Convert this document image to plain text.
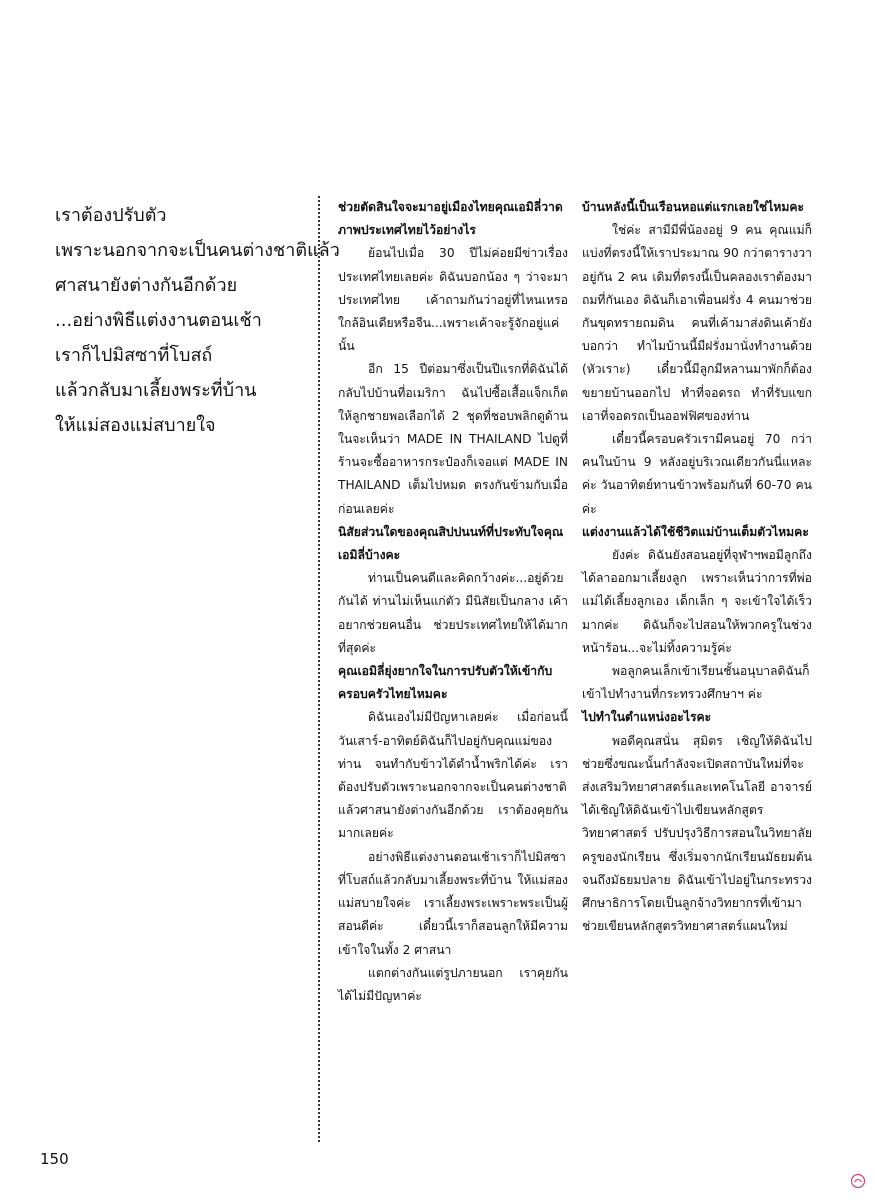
เราต้องปรับตัว
เพราะนอกจากจะเป็นคนต่างชาติแล้ว
ศาสนายังต่างกันอีกด้วย
...อย่างพิธีแต่งงานตอนเช้า
เราก็ไปมิสซาที่โบสถ์
แล้วกลับมาเลี้ยงพระที่บ้าน
ให้แม่สองแม่สบายใจ

ช่วยตัดสินใจจะมาอยู่เมืองไทยคุณเอมิลี่วาดภาพประเทศไทยไว้อย่างไร

ย้อนไปเมื่อ 30 ปีไม่ค่อยมีข่าวเรื่องประเทศไทยเลยค่ะ ดิฉันบอกน้อง ๆ ว่าจะมาประเทศไทย เค้าถามกันว่าอยู่ที่ไหนเหรอ ใกล้อินเดียหรือจีน...เพราะเค้าจะรู้จักอยู่แค่นั้น

อีก 15 ปีต่อมาซึ่งเป็นปีแรกที่ดิฉันได้กลับไปบ้านที่อเมริกา ฉันไปซื้อเสื้อแจ็กเก็ตให้ลูกชายพอเลือกได้ 2 ชุดที่ชอบพลิกดูด้านในจะเห็นว่า MADE IN THAILAND ไปดูที่ร้านจะซื้ออาหารกระป๋องก็เจอแต่ MADE IN THAILAND เต็มไปหมด ตรงกันข้ามกับเมื่อก่อนเลยค่ะ

นิสัยส่วนใดของคุณสิปปนนท์ที่ประทับใจคุณเอมิลี่บ้างคะ

ท่านเป็นคนดีและคิดกว้างค่ะ...อยู่ด้วยกันได้ ท่านไม่เห็นแก่ตัว มีนิสัยเป็นกลาง เค้าอยากช่วยคนอื่น ช่วยประเทศไทยให้ได้มากที่สุดค่ะ

คุณเอมิลี่ยุ่งยากใจในการปรับตัวให้เข้ากับครอบครัวไทยไหมคะ

ดิฉันเองไม่มีปัญหาเลยค่ะ เมื่อก่อนนี้วันเสาร์-อาทิตย์ดิฉันก็ไปอยู่กับคุณแม่ของท่าน จนทำกับข้าวได้ตำน้ำพริกได้ค่ะ เราต้องปรับตัวเพราะนอกจากจะเป็นคนต่างชาติแล้วศาสนายังต่างกันอีกด้วย เราต้องคุยกันมากเลยค่ะ

อย่างพิธีแต่งงานตอนเช้าเราก็ไปมิสซาที่โบสถ์แล้วกลับมาเลี้ยงพระที่บ้าน ให้แม่สองแม่สบายใจค่ะ เราเลี้ยงพระเพราะพระเป็นผู้สอนดีค่ะ เดี๋ยวนี้เราก็สอนลูกให้มีความเข้าใจในทั้ง 2 ศาสนา

แตกต่างกันแต่รูปภายนอก เราคุยกันได้ไม่มีปัญหาค่ะ

บ้านหลังนี้เป็นเรือนหอแต่แรกเลยใช่ไหมคะ

ใช่ค่ะ สามีมีพี่น้องอยู่ 9 คน คุณแม่ก็แบ่งที่ตรงนี้ให้เราประมาณ 90 กว่าตารางวาอยู่กัน 2 คน เดิมที่ตรงนี้เป็นคลองเราต้องมาถมที่กันเอง ดิฉันก็เอาเพื่อนฝรั่ง 4 คนมาช่วยกันขุดทรายถมดิน คนที่เค้ามาส่งดินเค้ายังบอกว่า ทำไมบ้านนี้มีฝรั่งมานั่งทำงานด้วย (หัวเราะ) เดี๋ยวนี้มีลูกมีหลานมาพักก็ต้องขยายบ้านออกไป ทำที่จอดรถ ทำที่รับแขก เอาที่จอดรถเป็นออฟฟิศของท่าน

เดี๋ยวนี้ครอบครัวเรามีคนอยู่ 70 กว่าคนในบ้าน 9 หลังอยู่บริเวณเดียวกันนี่แหละค่ะ วันอาทิตย์ทานข้าวพร้อมกันที่ 60-70 คนค่ะ

แต่งงานแล้วได้ใช้ชีวิตแม่บ้านเต็มตัวไหมคะ

ยังค่ะ ดิฉันยังสอนอยู่ที่จุฬาฯพอมีลูกถึงได้ลาออกมาเลี้ยงลูก เพราะเห็นว่าการที่พ่อแม่ได้เลี้ยงลูกเอง เด็กเล็ก ๆ จะเข้าใจได้เร็วมากค่ะ ดิฉันก็จะไปสอนให้พวกครูในช่วงหน้าร้อน...จะไม่ทิ้งความรู้ค่ะ

พอลูกคนเล็กเข้าเรียนชั้นอนุบาลดิฉันก็เข้าไปทำงานที่กระทรวงศึกษาฯ ค่ะ

ไปทำในตำแหน่งอะไรคะ

พอดีคุณสนั่น สุมิตร เชิญให้ดิฉันไปช่วยซึ่งขณะนั้นกำลังจะเปิดสถาบันใหม่ที่จะส่งเสริมวิทยาศาสตร์และเทคโนโลยี อาจารย์ได้เชิญให้ดิฉันเข้าไปเขียนหลักสูตรวิทยาศาสตร์ ปรับปรุงวิธีการสอนในวิทยาลัยครูของนักเรียน ซึ่งเริ่มจากนักเรียนมัธยมต้นจนถึงมัธยมปลาย ดิฉันเข้าไปอยู่ในกระทรวงศึกษาธิการโดยเป็นลูกจ้างวิทยากรที่เข้ามาช่วยเขียนหลักสูตรวิทยาศาสตร์แผนใหม่

150
